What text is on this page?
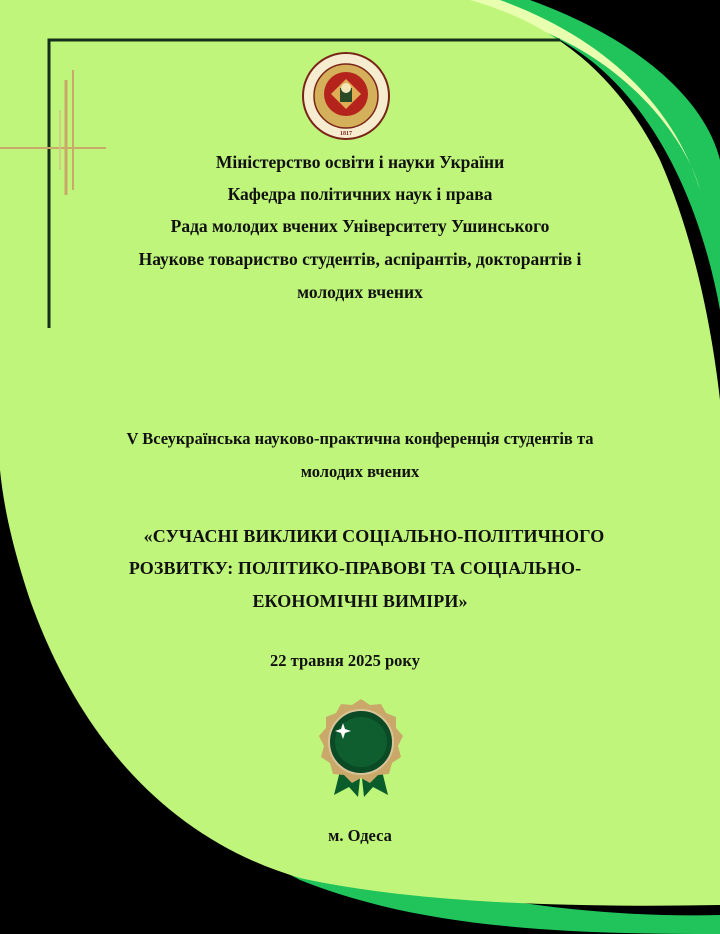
1817

Міністерство освіти і науки України

Кафедра політичних наук і права

Рада молодих вчених Університету Ушинського

Наукове товариство студентів, аспірантів, докторантів і

молодих вчених

V Всеукраїнська науково-практична конференція студентів та

молодих вчених

«СУЧАСНІ ВИКЛИКИ СОЦІАЛЬНО-ПОЛІТИЧНОГО

РОЗВИТКУ: ПОЛІТИКО-ПРАВОВІ ТА СОЦІАЛЬНО-

ЕКОНОМІЧНІ ВИМІРИ»

22 травня 2025 року

м. Одеса
